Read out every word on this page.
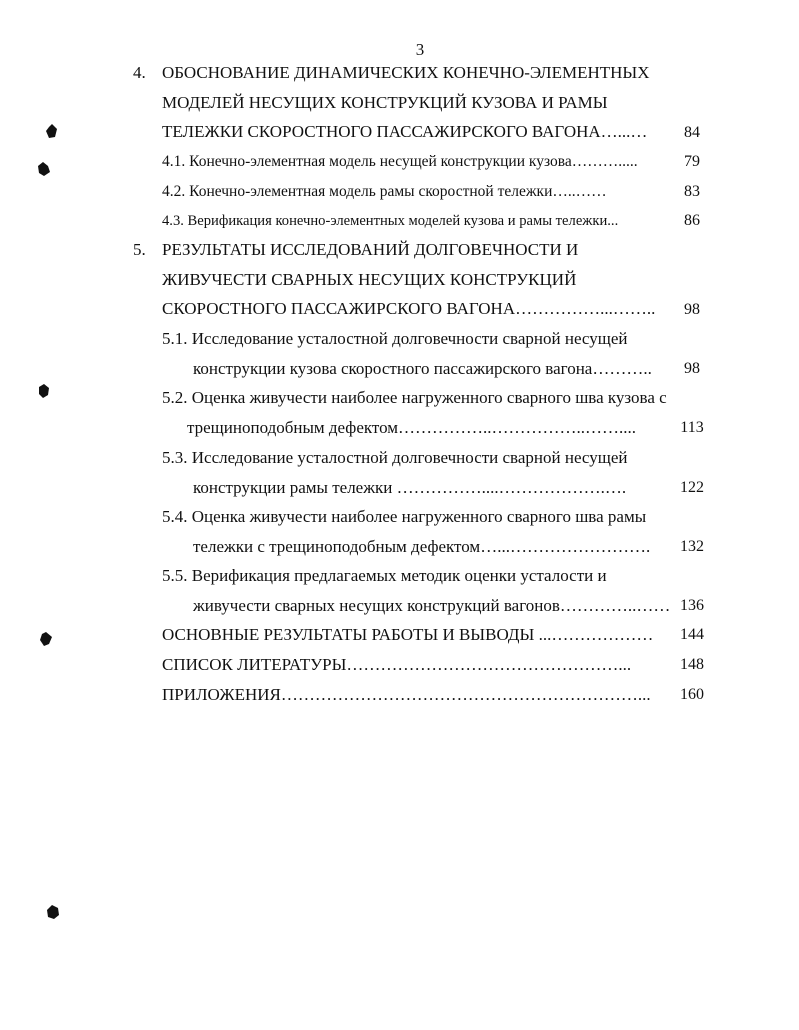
3
4. ОБОСНОВАНИЕ ДИНАМИЧЕСКИХ КОНЕЧНО-ЭЛЕМЕНТНЫХ
МОДЕЛЕЙ НЕСУЩИХ КОНСТРУКЦИЙ КУЗОВА И РАМЫ
ТЕЛЕЖКИ СКОРОСТНОГО ПАССАЖИРСКОГО ВАГОНА…...…	84
4.1. Конечно-элементная модель несущей конструкции кузова……….....	79
4.2. Конечно-элементная модель рамы скоростной тележки…..……	83
4.3. Верификация конечно-элементных моделей кузова и рамы тележки...	86
5. РЕЗУЛЬТАТЫ ИССЛЕДОВАНИЙ ДОЛГОВЕЧНОСТИ И
ЖИВУЧЕСТИ СВАРНЫХ НЕСУЩИХ КОНСТРУКЦИЙ
СКОРОСТНОГО ПАССАЖИРСКОГО ВАГОНА……………...……..	98
5.1. Исследование усталостной долговечности сварной несущей
конструкции кузова скоростного пассажирского вагона………..	98
5.2. Оценка живучести наиболее нагруженного сварного шва кузова с
трещиноподобным дефектом……………..……………..……....	113
5.3. Исследование усталостной долговечности сварной несущей
конструкции рамы тележки ……………....……………….….	122
5.4. Оценка живучести наиболее нагруженного сварного шва рамы
тележки с трещиноподобным дефектом…...…………………….	132
5.5. Верификация предлагаемых методик оценки усталости и
живучести сварных несущих конструкций вагонов…………..…… 136
ОСНОВНЫЕ РЕЗУЛЬТАТЫ РАБОТЫ И ВЫВОДЫ ...………………	144
СПИСОК ЛИТЕРАТУРЫ…………………………………………...	148
ПРИЛОЖЕНИЯ………………………………………………………...	160
